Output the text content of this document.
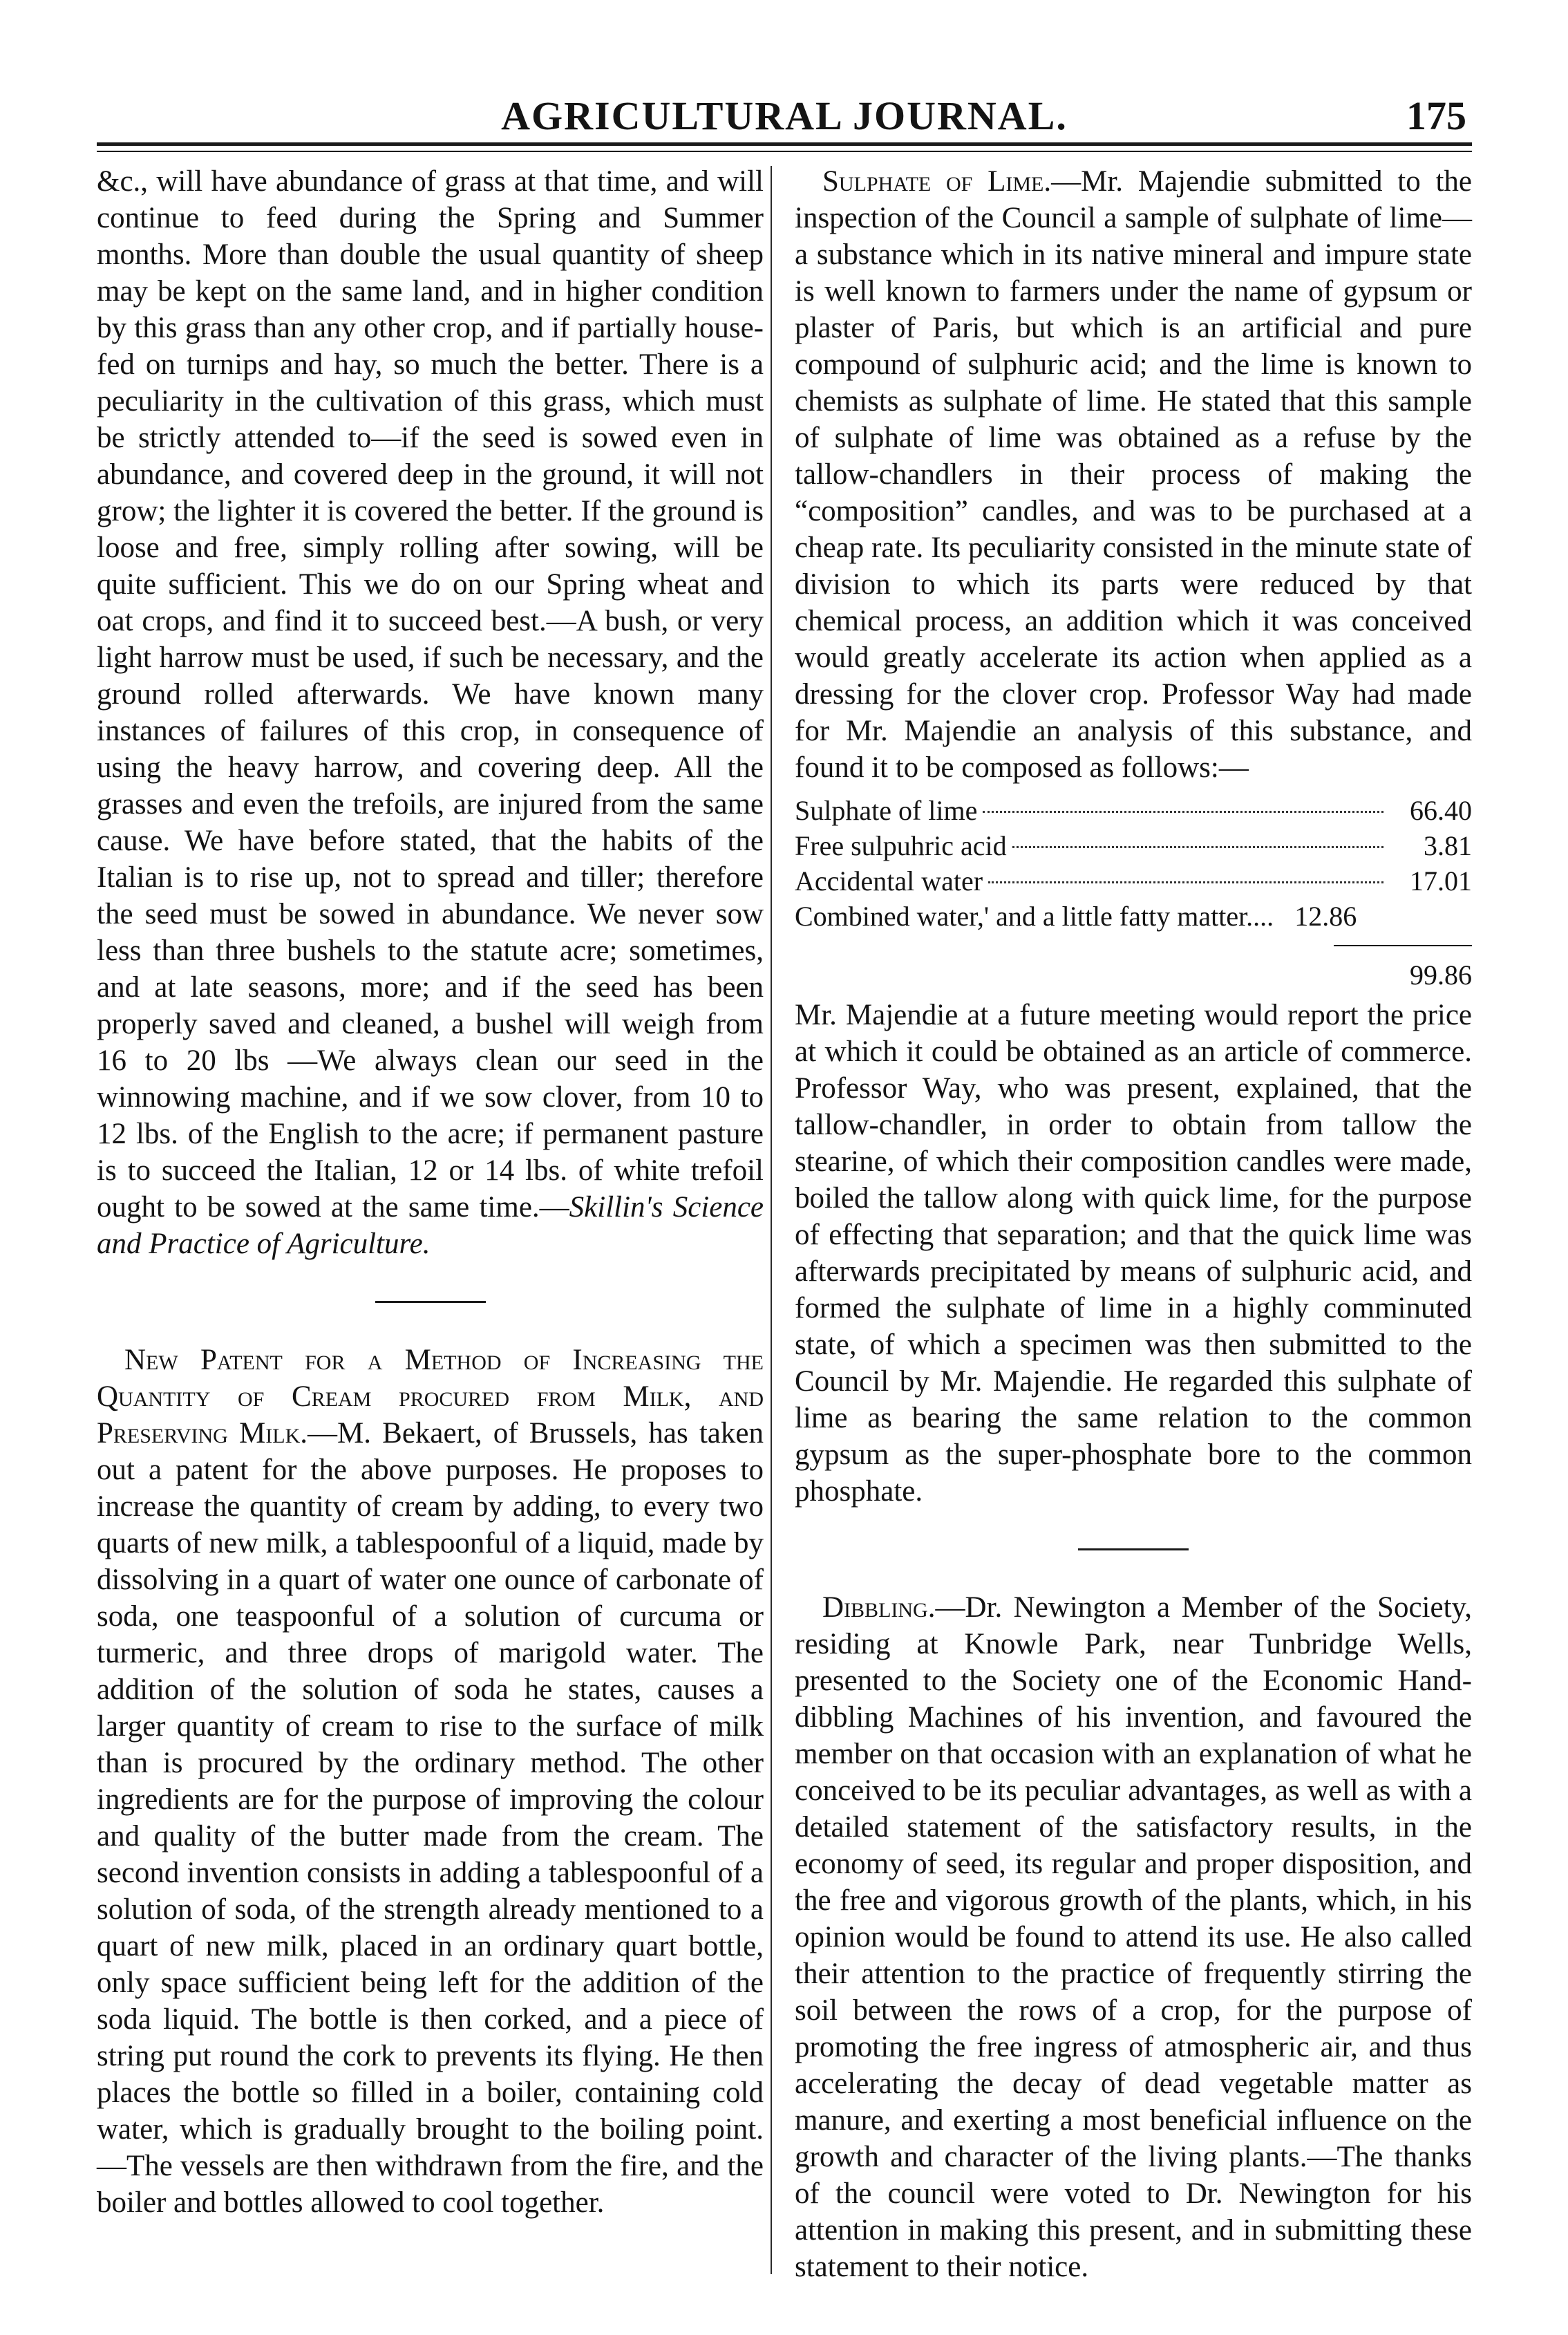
AGRICULTURAL JOURNAL.	175

&c., will have abundance of grass at that time, and will continue to feed during the Spring and Summer months. More than double the usual quantity of sheep may be kept on the same land, and in higher condition by this grass than any other crop, and if partially house-fed on turnips and hay, so much the better. There is a peculiarity in the cultivation of this grass, which must be strictly attended to—if the seed is sowed even in abundance, and covered deep in the ground, it will not grow; the lighter it is covered the better. If the ground is loose and free, simply rolling after sowing, will be quite sufficient. This we do on our Spring wheat and oat crops, and find it to succeed best.—A bush, or very light harrow must be used, if such be necessary, and the ground rolled afterwards. We have known many instances of failures of this crop, in consequence of using the heavy harrow, and covering deep. All the grasses and even the trefoils, are injured from the same cause. We have before stated, that the habits of the Italian is to rise up, not to spread and tiller; therefore the seed must be sowed in abundance. We never sow less than three bushels to the statute acre; sometimes, and at late seasons, more; and if the seed has been properly saved and cleaned, a bushel will weigh from 16 to 20 lbs —We always clean our seed in the winnowing machine, and if we sow clover, from 10 to 12 lbs. of the English to the acre; if permanent pasture is to succeed the Italian, 12 or 14 lbs. of white trefoil ought to be sowed at the same time.—Skillin's Science and Practice of Agriculture.

New Patent for a Method of Increasing the Quantity of Cream procured from Milk, and Preserving Milk.—M. Bekaert, of Brussels, has taken out a patent for the above purposes. He proposes to increase the quantity of cream by adding, to every two quarts of new milk, a tablespoonful of a liquid, made by dissolving in a quart of water one ounce of carbonate of soda, one teaspoonful of a solution of curcuma or turmeric, and three drops of marigold water. The addition of the solution of soda he states, causes a larger quantity of cream to rise to the surface of milk than is procured by the ordinary method. The other ingredients are for the purpose of improving the colour and quality of the butter made from the cream. The second invention consists in adding a tablespoonful of a solution of soda, of the strength already mentioned to a quart of new milk, placed in an ordinary quart bottle, only space sufficient being left for the addition of the soda liquid. The bottle is then corked, and a piece of string put round the cork to prevents its flying. He then places the bottle so filled in a boiler, containing cold water, which is gradually brought to the boiling point.—The vessels are then withdrawn from the fire, and the boiler and bottles allowed to cool together.

Sulphate of Lime.—Mr. Majendie submitted to the inspection of the Council a sample of sulphate of lime—a substance which in its native mineral and impure state is well known to farmers under the name of gypsum or plaster of Paris, but which is an artificial and pure compound of sulphuric acid; and the lime is known to chemists as sulphate of lime. He stated that this sample of sulphate of lime was obtained as a refuse by the tallow-chandlers in their process of making the “composition” candles, and was to be purchased at a cheap rate. Its peculiarity consisted in the minute state of division to which its parts were reduced by that chemical process, an addition which it was conceived would greatly accelerate its action when applied as a dressing for the clover crop. Professor Way had made for Mr. Majendie an analysis of this substance, and found it to be composed as follows:—

Sulphate of lime	66.40
Free sulpuhric acid	3.81
Accidental water	17.01
Combined water,' and a little fatty matter.... 12.86
99.86

Mr. Majendie at a future meeting would report the price at which it could be obtained as an article of commerce. Professor Way, who was present, explained, that the tallow-chandler, in order to obtain from tallow the stearine, of which their composition candles were made, boiled the tallow along with quick lime, for the purpose of effecting that separation; and that the quick lime was afterwards precipitated by means of sulphuric acid, and formed the sulphate of lime in a highly comminuted state, of which a specimen was then submitted to the Council by Mr. Majendie. He regarded this sulphate of lime as bearing the same relation to the common gypsum as the super-phosphate bore to the common phosphate.

Dibbling.—Dr. Newington a Member of the Society, residing at Knowle Park, near Tunbridge Wells, presented to the Society one of the Economic Hand-dibbling Machines of his invention, and favoured the member on that occasion with an explanation of what he conceived to be its peculiar advantages, as well as with a detailed statement of the satisfactory results, in the economy of seed, its regular and proper disposition, and the free and vigorous growth of the plants, which, in his opinion would be found to attend its use. He also called their attention to the practice of frequently stirring the soil between the rows of a crop, for the purpose of promoting the free ingress of atmospheric air, and thus accelerating the decay of dead vegetable matter as manure, and exerting a most beneficial influence on the growth and character of the living plants.—The thanks of the council were voted to Dr. Newington for his attention in making this present, and in submitting these statement to their notice.
